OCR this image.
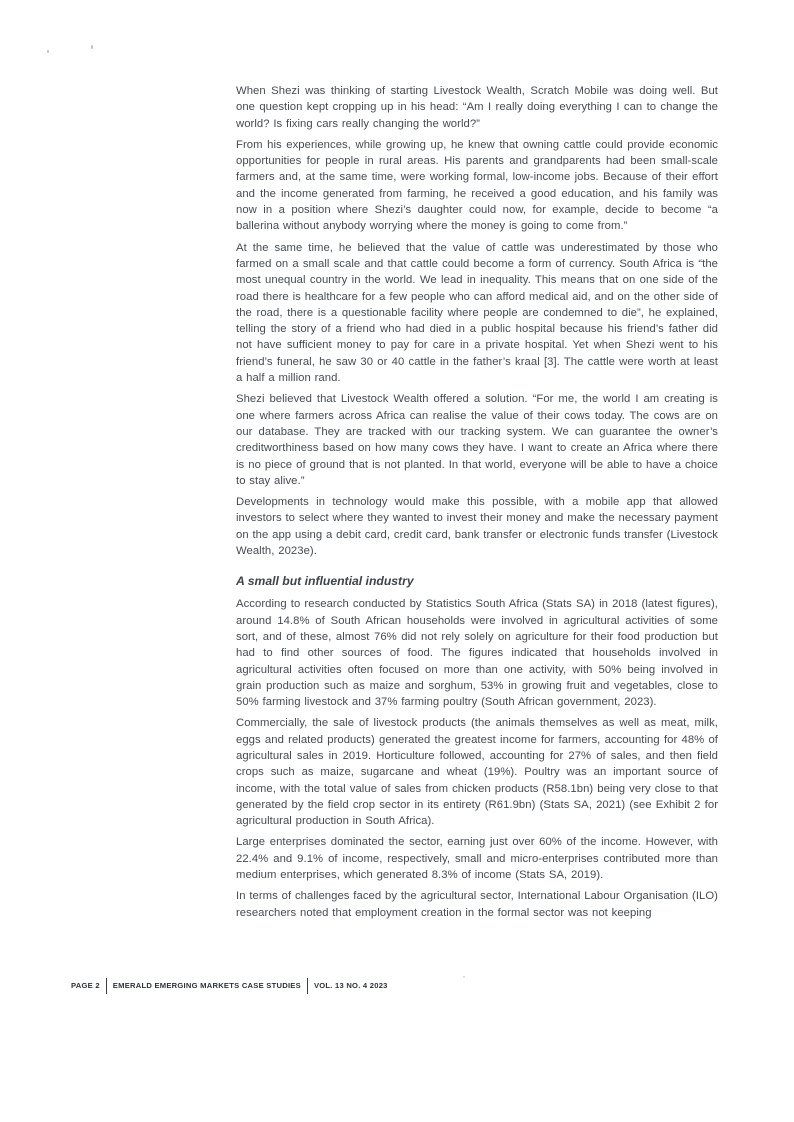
When Shezi was thinking of starting Livestock Wealth, Scratch Mobile was doing well. But one question kept cropping up in his head: “Am I really doing everything I can to change the world? Is fixing cars really changing the world?”

From his experiences, while growing up, he knew that owning cattle could provide economic opportunities for people in rural areas. His parents and grandparents had been small-scale farmers and, at the same time, were working formal, low-income jobs. Because of their effort and the income generated from farming, he received a good education, and his family was now in a position where Shezi’s daughter could now, for example, decide to become “a ballerina without anybody worrying where the money is going to come from.”

At the same time, he believed that the value of cattle was underestimated by those who farmed on a small scale and that cattle could become a form of currency. South Africa is “the most unequal country in the world. We lead in inequality. This means that on one side of the road there is healthcare for a few people who can afford medical aid, and on the other side of the road, there is a questionable facility where people are condemned to die”, he explained, telling the story of a friend who had died in a public hospital because his friend’s father did not have sufficient money to pay for care in a private hospital. Yet when Shezi went to his friend’s funeral, he saw 30 or 40 cattle in the father’s kraal [3]. The cattle were worth at least a half a million rand.

Shezi believed that Livestock Wealth offered a solution. “For me, the world I am creating is one where farmers across Africa can realise the value of their cows today. The cows are on our database. They are tracked with our tracking system. We can guarantee the owner’s creditworthiness based on how many cows they have. I want to create an Africa where there is no piece of ground that is not planted. In that world, everyone will be able to have a choice to stay alive.”

Developments in technology would make this possible, with a mobile app that allowed investors to select where they wanted to invest their money and make the necessary payment on the app using a debit card, credit card, bank transfer or electronic funds transfer (Livestock Wealth, 2023e).

A small but influential industry

According to research conducted by Statistics South Africa (Stats SA) in 2018 (latest figures), around 14.8% of South African households were involved in agricultural activities of some sort, and of these, almost 76% did not rely solely on agriculture for their food production but had to find other sources of food. The figures indicated that households involved in agricultural activities often focused on more than one activity, with 50% being involved in grain production such as maize and sorghum, 53% in growing fruit and vegetables, close to 50% farming livestock and 37% farming poultry (South African government, 2023).

Commercially, the sale of livestock products (the animals themselves as well as meat, milk, eggs and related products) generated the greatest income for farmers, accounting for 48% of agricultural sales in 2019. Horticulture followed, accounting for 27% of sales, and then field crops such as maize, sugarcane and wheat (19%). Poultry was an important source of income, with the total value of sales from chicken products (R58.1bn) being very close to that generated by the field crop sector in its entirety (R61.9bn) (Stats SA, 2021) (see Exhibit 2 for agricultural production in South Africa).

Large enterprises dominated the sector, earning just over 60% of the income. However, with 22.4% and 9.1% of income, respectively, small and micro-enterprises contributed more than medium enterprises, which generated 8.3% of income (Stats SA, 2019).

In terms of challenges faced by the agricultural sector, International Labour Organisation (ILO) researchers noted that employment creation in the formal sector was not keeping

PAGE 2 EMERALD EMERGING MARKETS CASE STUDIES VOL. 13 NO. 4 2023
